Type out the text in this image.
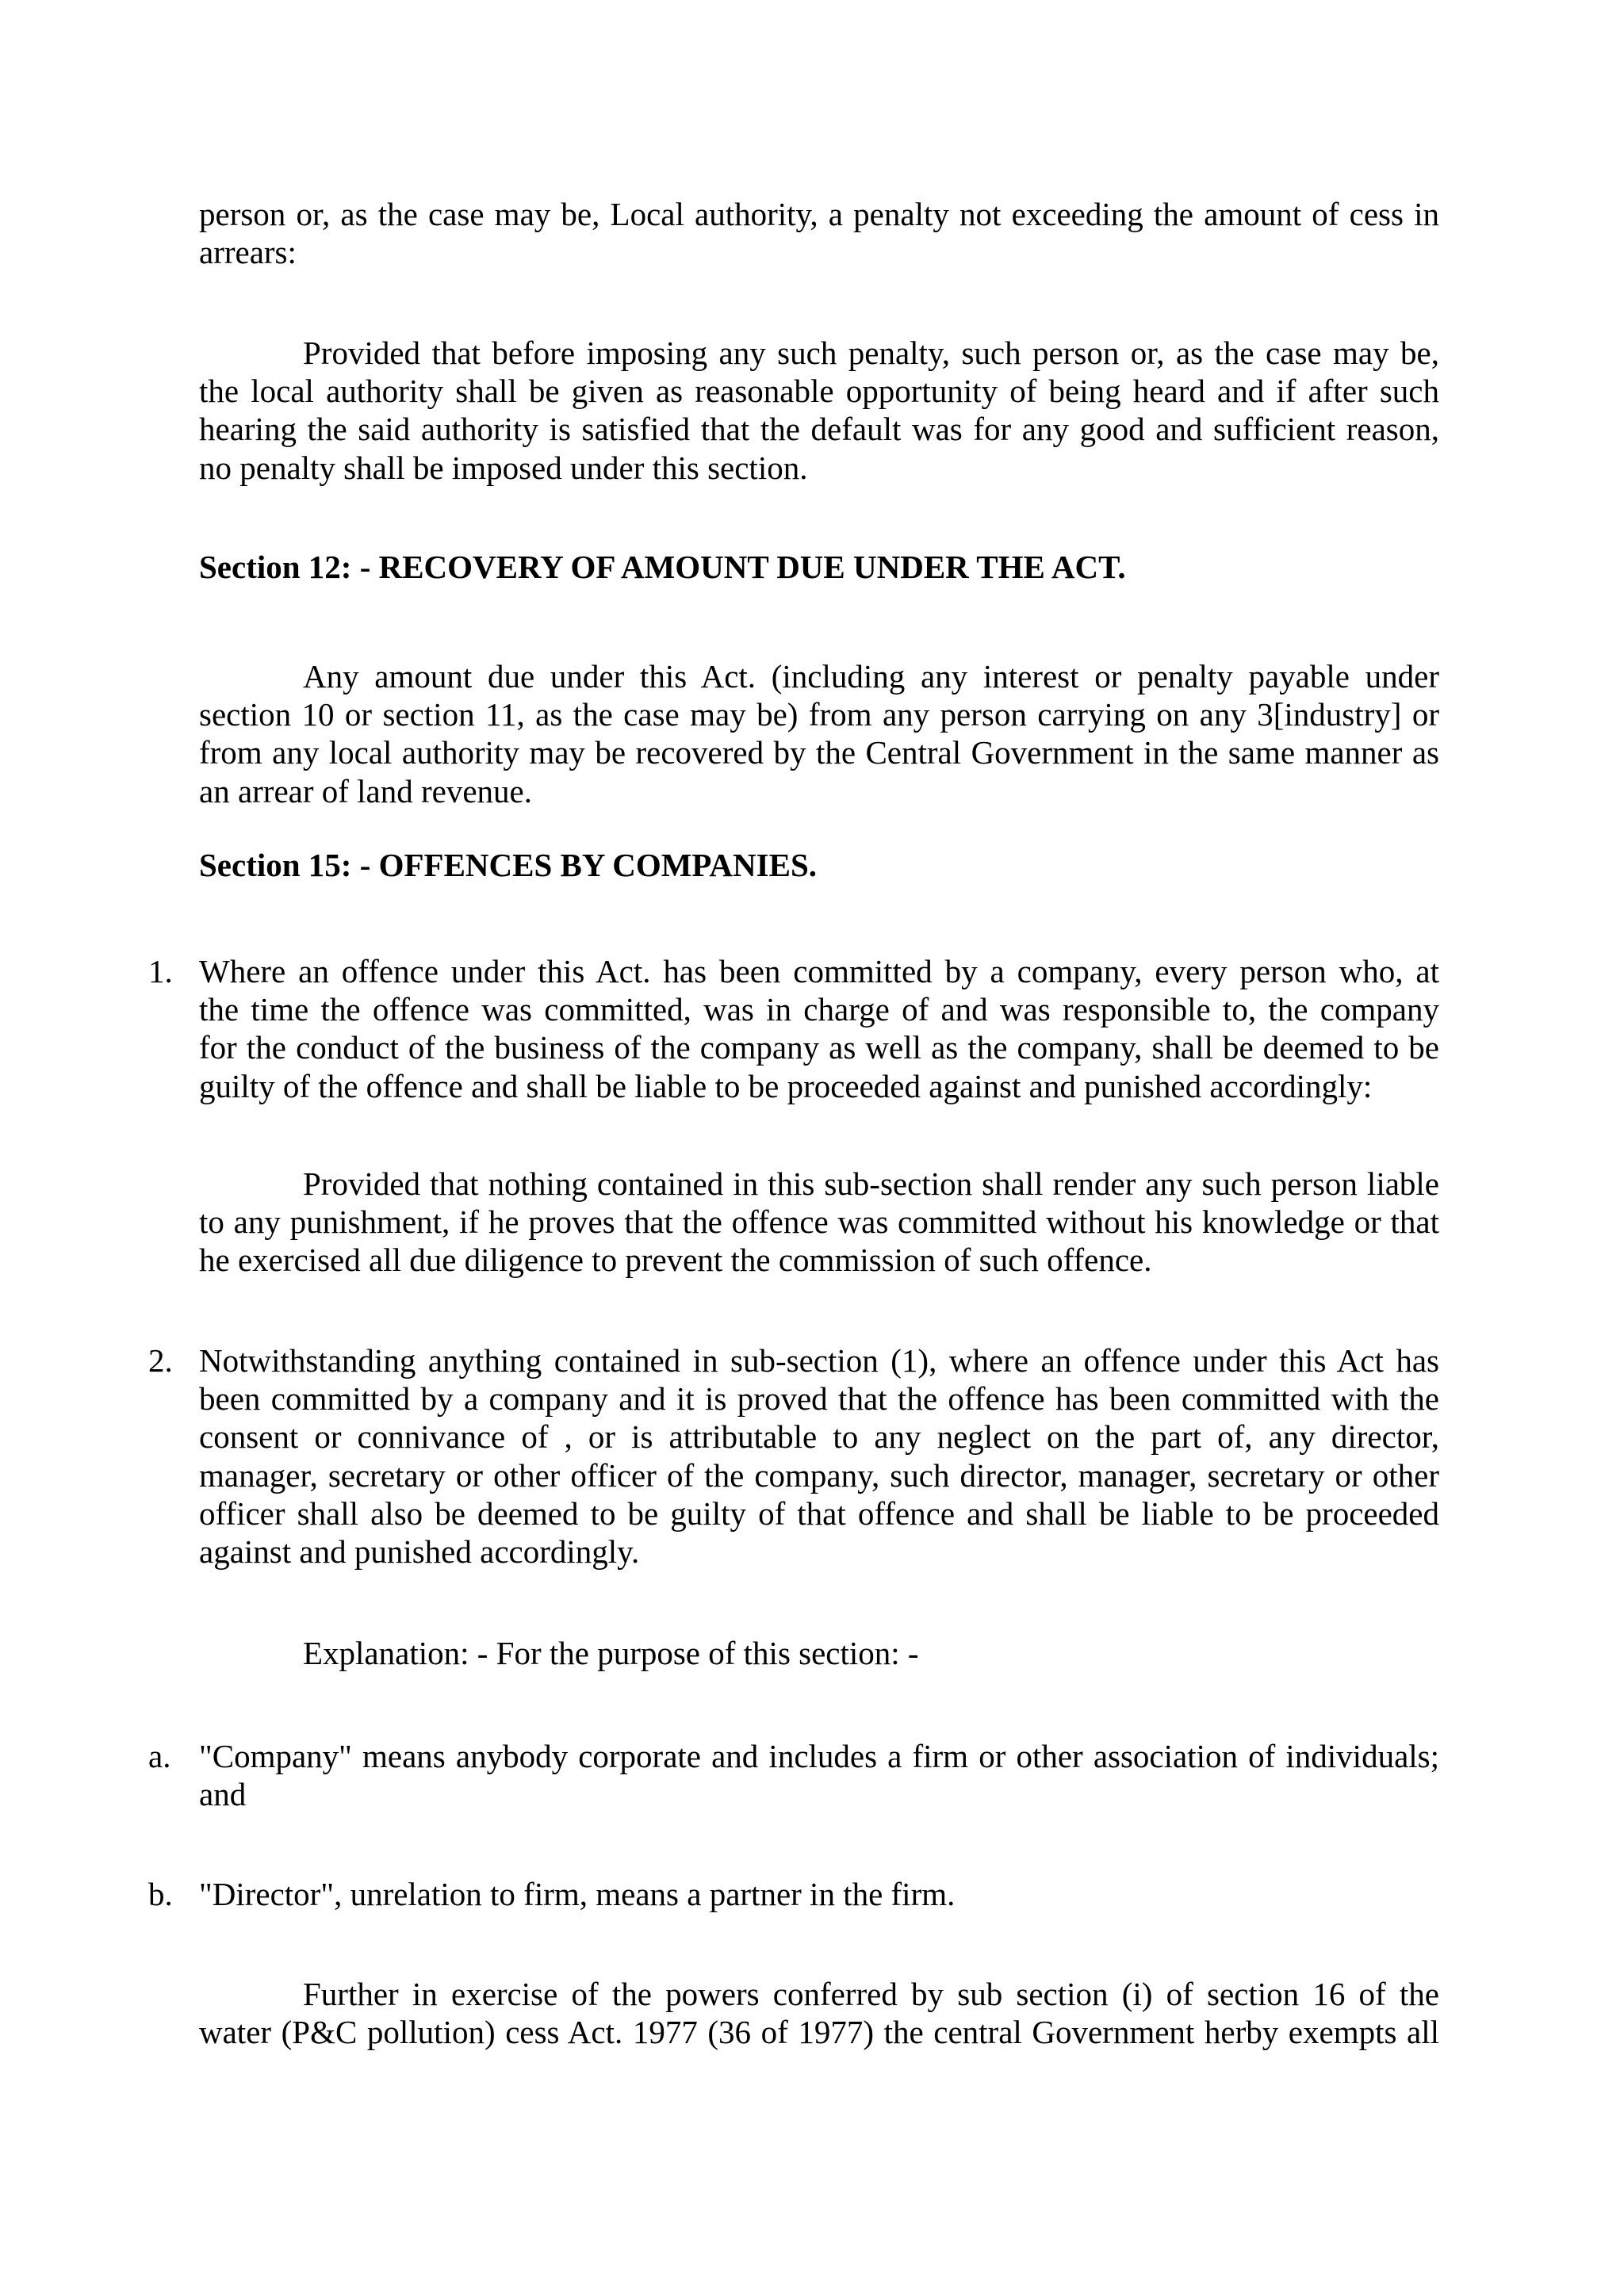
person or, as the case may be, Local authority, a penalty not exceeding the amount of cess in
arrears:
Provided that before imposing any such penalty, such person or, as the case may be,
the local authority shall be given as reasonable opportunity of being heard and if after such
hearing the said authority is satisfied that the default was for any good and sufficient reason,
no penalty shall be imposed under this section.
Section 12: - RECOVERY OF AMOUNT DUE UNDER THE ACT.
Any amount due under this Act. (including any interest or penalty payable under
section 10 or section 11, as the case may be) from any person carrying on any 3[industry] or
from any local authority may be recovered by the Central Government in the same manner as
an arrear of land revenue.
Section 15: - OFFENCES BY COMPANIES.
1. Where an offence under this Act. has been committed by a company, every person who, at
the time the offence was committed, was in charge of and was responsible to, the company
for the conduct of the business of the company as well as the company, shall be deemed to be
guilty of the offence and shall be liable to be proceeded against and punished accordingly:
Provided that nothing contained in this sub-section shall render any such person liable
to any punishment, if he proves that the offence was committed without his knowledge or that
he exercised all due diligence to prevent the commission of such offence.
2. Notwithstanding anything contained in sub-section (1), where an offence under this Act has
been committed by a company and it is proved that the offence has been committed with the
consent or connivance of , or is attributable to any neglect on the part of, any director,
manager, secretary or other officer of the company, such director, manager, secretary or other
officer shall also be deemed to be guilty of that offence and shall be liable to be proceeded
against and punished accordingly.
Explanation: - For the purpose of this section: -
a. "Company" means anybody corporate and includes a firm or other association of individuals;
and
b. "Director", unrelation to firm, means a partner in the firm.
Further in exercise of the powers conferred by sub section (i) of section 16 of the
water (P&C pollution) cess Act. 1977 (36 of 1977) the central Government herby exempts all
